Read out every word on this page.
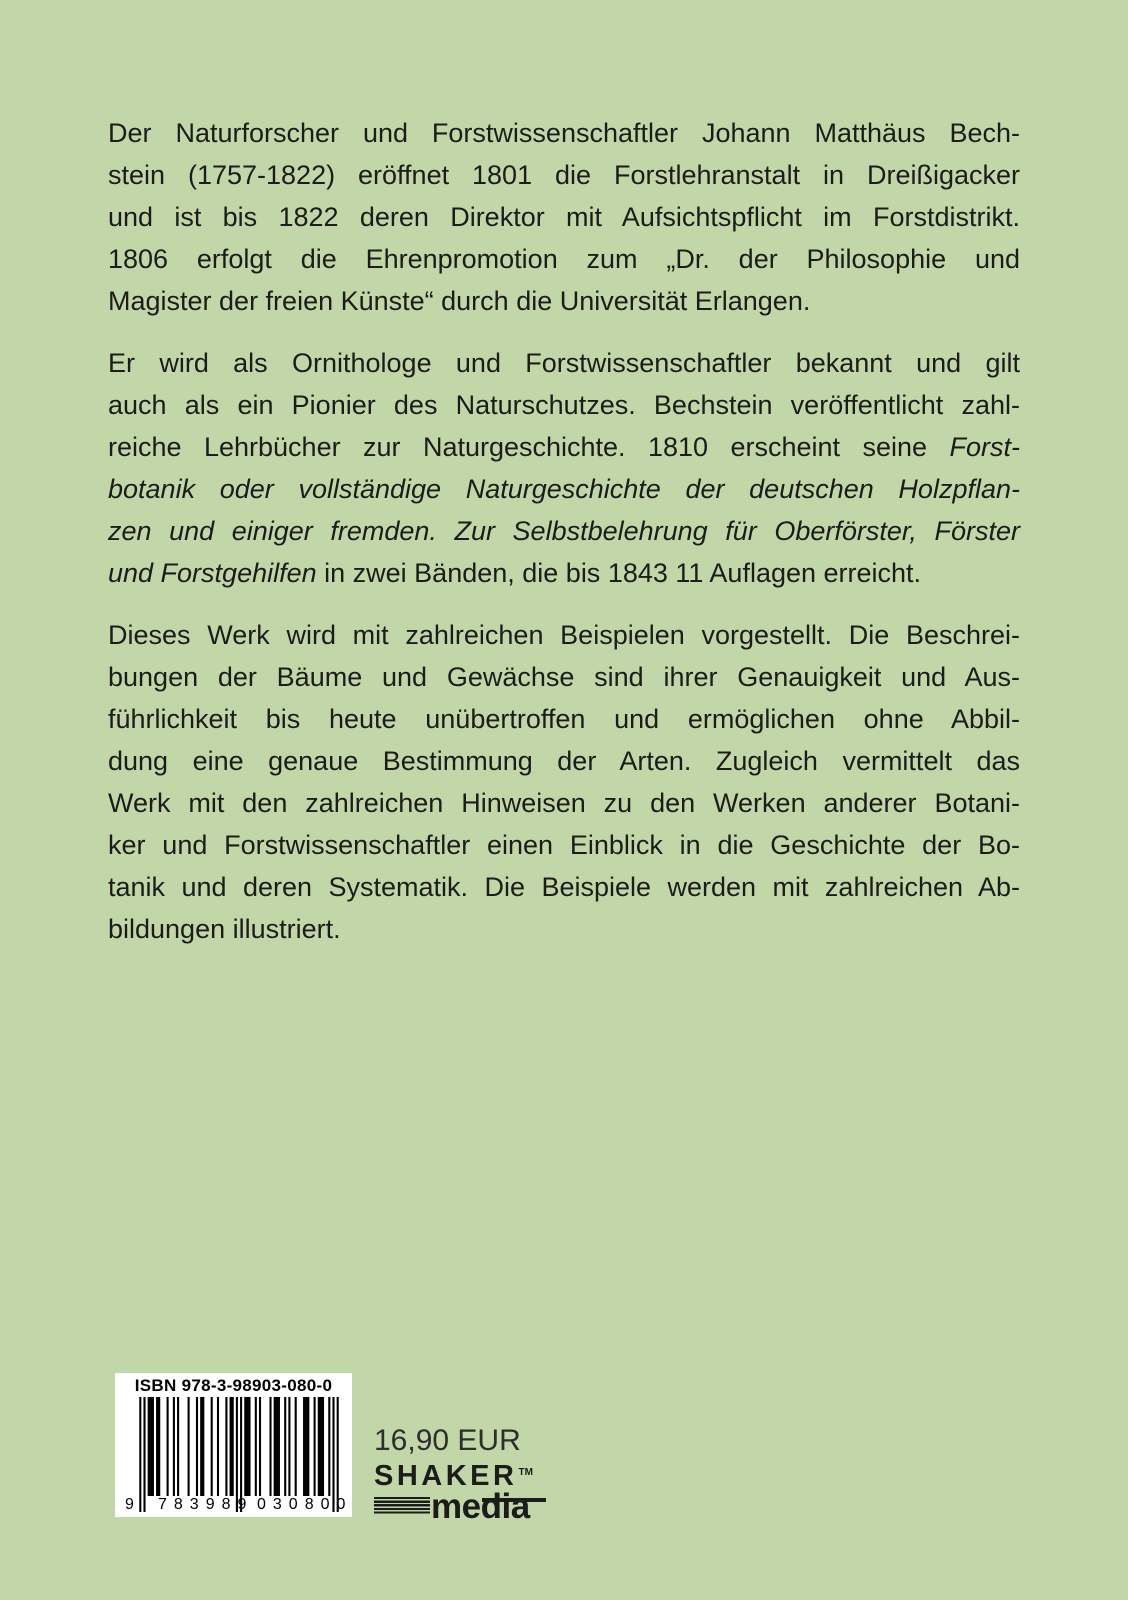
Der Naturforscher und Forstwissenschaftler Johann Matthäus Bech-
stein (1757-1822) eröffnet 1801 die Forstlehranstalt in Dreißigacker
und ist bis 1822 deren Direktor mit Aufsichtspflicht im Forstdistrikt.
1806 erfolgt die Ehrenpromotion zum „Dr. der Philosophie und
Magister der freien Künste“ durch die Universität Erlangen.
Er wird als Ornithologe und Forstwissenschaftler bekannt und gilt
auch als ein Pionier des Naturschutzes. Bechstein veröffentlicht zahl-
reiche Lehrbücher zur Naturgeschichte. 1810 erscheint seine Forst-
botanik oder vollständige Naturgeschichte der deutschen Holzpflan-
zen und einiger fremden. Zur Selbstbelehrung für Oberförster, Förster
und Forstgehilfen in zwei Bänden, die bis 1843 11 Auflagen erreicht.
Dieses Werk wird mit zahlreichen Beispielen vorgestellt. Die Beschrei-
bungen der Bäume und Gewächse sind ihrer Genauigkeit und Aus-
führlichkeit bis heute unübertroffen und ermöglichen ohne Abbil-
dung eine genaue Bestimmung der Arten. Zugleich vermittelt das
Werk mit den zahlreichen Hinweisen zu den Werken anderer Botani-
ker und Forstwissenschaftler einen Einblick in die Geschichte der Bo-
tanik und deren Systematik. Die Beispiele werden mit zahlreichen Ab-
bildungen illustriert.
ISBN 978-3-98903-080-0
9 783989 030800
16,90 EUR
SHAKER™
media
